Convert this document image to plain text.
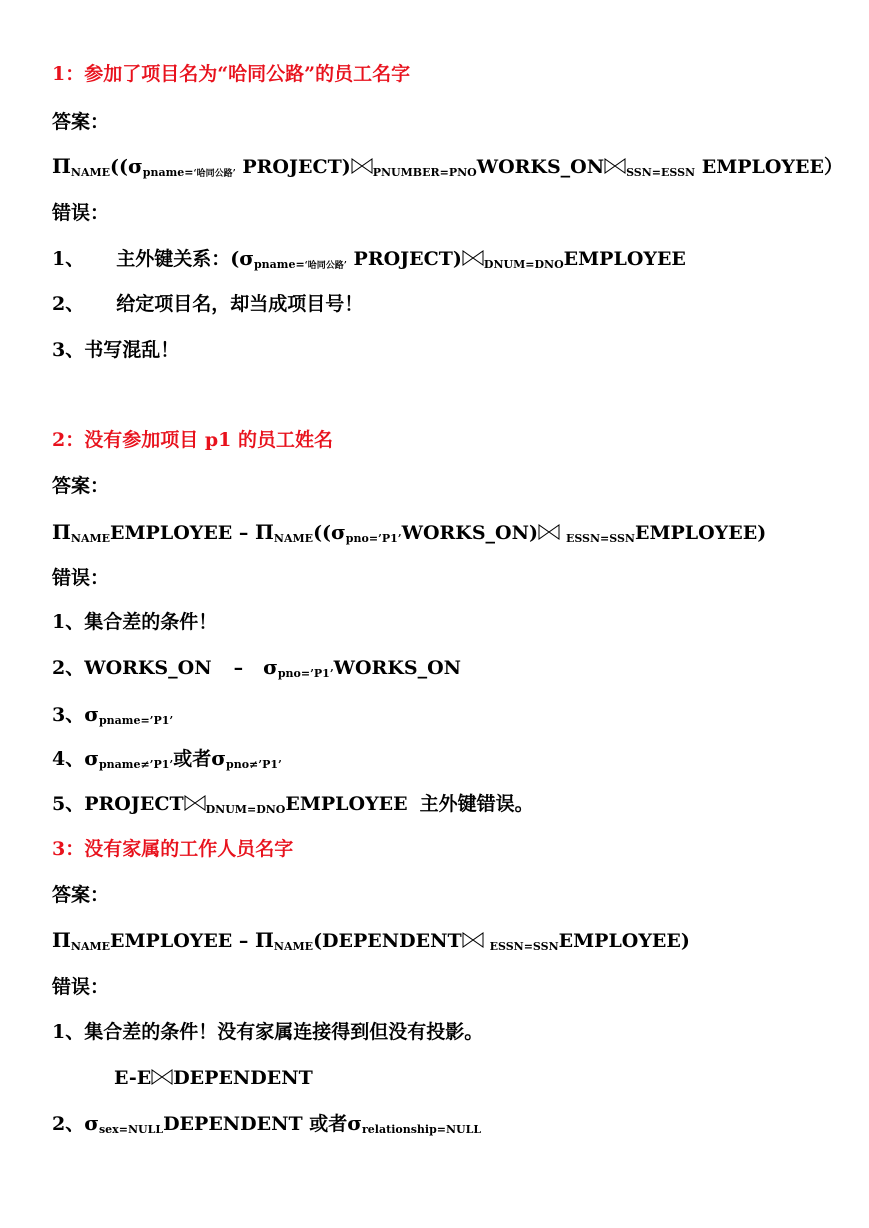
1：参加了项目名为“哈同公路”的员工名字
答案：
$\Pi_{NAME}((\sigma_{pname=‘哈同公路’}$ PROJECT) $_{PNUMBER=PNO}$WORKS_ON $_{SSN=ESSN}$ EMPLOYEE）
错误：
1、 主外键关系：($\sigma_{pname=‘哈同公路’}$ PROJECT) $_{DNUM=DNO}$EMPLOYEE
2、 给定项目名，却当成项目号！
3、书写混乱！
2：没有参加项目 p1 的员工姓名
答案：
$\Pi_{NAME}EMPLOYEE$ – $\Pi_{NAME}((\sigma_{pno=’P1’}WORKS\_ON)$	$_{ESSN=SSN}$EMPLOYEE)
错误：
1、集合差的条件！
2、WORKS_ON – $\sigma_{pno=’P1’}WORKS\_ON$
3、$\sigma_{pname=’P1’}$
4、$\sigma_{pname\ne’P1’}$或者$\sigma_{pno\ne’P1’}$
5、PROJECT $_{DNUM=DNO}$EMPLOYEE 主外键错误。
3：没有家属的工作人员名字
答案：
$\Pi_{NAME}EMPLOYEE$ – $\Pi_{NAME}(DEPENDENT$	$_{ESSN=SSN}$EMPLOYEE)
错误：
1、集合差的条件！没有家属连接得到但没有投影。
E-E DEPENDENT
2、$\sigma_{sex=NULL}DEPENDENT$ 或者$\sigma_{relationship=NULL}$
